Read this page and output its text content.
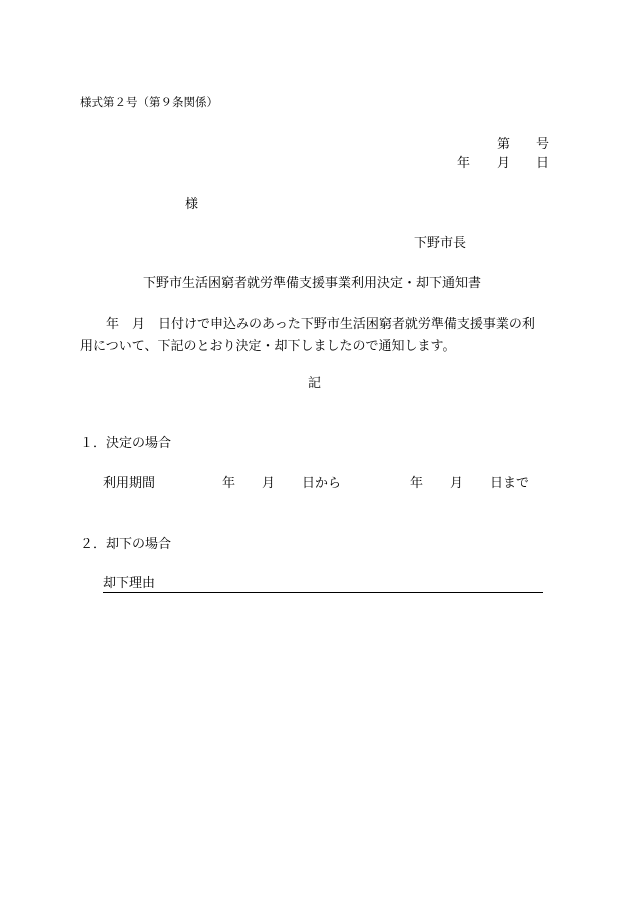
様式第２号（第９条関係）
第 号
年 月 日
様
下野市長
下野市生活困窮者就労準備支援事業利用決定・却下通知書
年 月 日付けで申込みのあった下野市生活困窮者就労準備支援事業の利
用について、下記のとおり決定・却下しましたので通知します。
記
１．決定の場合
利用期間	年 月 日から	年 月 日まで
２．却下の場合
却下理由
